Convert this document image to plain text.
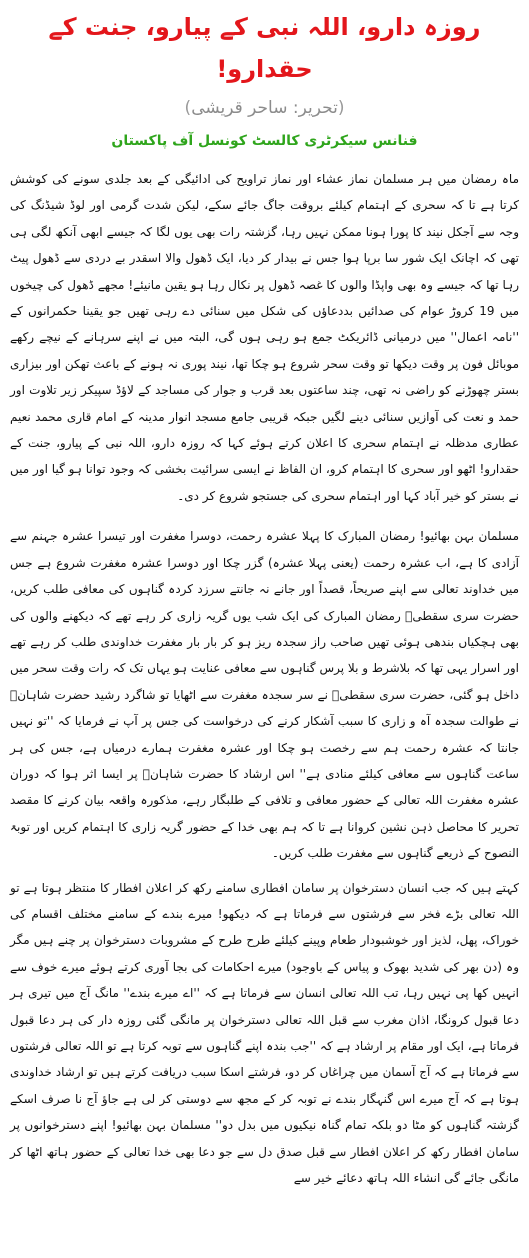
روزہ دارو، اللہ نبی کے پیارو، جنت کے حقدارو!

(تحریر: ساحر قریشی)

فنانس سیکرٹری کالسٹ کونسل آف پاکستان

ماہ رمضان میں ہر مسلمان نماز عشاء اور نماز تراویح کی ادائیگی کے بعد جلدی سونے کی کوشش کرتا ہے تا کہ سحری کے اہتمام کیلئے بروقت جاگ جائے سکے، لیکن شدت گرمی اور لوڈ شیڈنگ کی وجہ سے آجکل نیند کا پورا ہونا ممکن نہیں رہا، گزشتہ رات بھی یوں لگا کہ جیسے ابھی آنکھ لگی ہی تھی کہ اچانک ایک شور سا برپا ہوا جس نے بیدار کر دیا، ایک ڈھول والا اسقدر بے دردی سے ڈھول پیٹ رہا تھا کہ جیسے وہ بھی واپڈا والوں کا غصہ ڈھول پر نکال رہا ہو یقین مانیئے! مجھے ڈھول کی چیخوں میں 19 کروڑ عوام کی صدائیں بددعاؤں کی شکل میں سنائی دے رہی تھیں جو یقینا حکمرانوں کے ''نامہ اعمال'' میں درمیانی ڈائریکٹ جمع ہو رہی ہوں گی، البتہ میں نے اپنے سرہانے کے نیچے رکھے موبائل فون پر وقت دیکھا تو وقت سحر شروع ہو چکا تھا، نیند پوری نہ ہونے کے باعث تھکن اور بیزاری بستر چھوڑنے کو راضی نہ تھی، چند ساعتوں بعد قرب و جوار کی مساجد کے لاؤڈ سپیکر زیر تلاوت اور حمد و نعت کی آوازیں سنائی دینے لگیں جبکہ قریبی جامع مسجد انوار مدینہ کے امام قاری محمد نعیم عطاری مدظلہ نے اہتمام سحری کا اعلان کرتے ہوئے کہا کہ روزہ دارو، اللہ نبی کے پیارو، جنت کے حقدارو! اٹھو اور سحری کا اہتمام کرو، ان الفاظ نے ایسی سرائیت بخشی کہ وجود توانا ہو گیا اور میں نے بستر کو خیر آباد کہا اور اہتمام سحری کی جستجو شروع کر دی۔

مسلمان بہن بھائیو! رمضان المبارک کا پہلا عشرہ رحمت، دوسرا مغفرت اور تیسرا عشرہ جہنم سے آزادی کا ہے، اب عشرہ رحمت (یعنی پہلا عشرہ) گزر چکا اور دوسرا عشرہ مغفرت شروع ہے جس میں خداوند تعالی سے اپنے صریحاً، قصداً اور جانے نہ جانتے سرزد کردہ گناہوں کی معافی طلب کریں، حضرت سری سقطیؒ رمضان المبارک کی ایک شب یوں گریہ زاری کر رہے تھے کہ دیکھنے والوں کی بھی ہچکیاں بندھی ہوئی تھیں صاحب راز سجدہ ریز ہو کر بار بار مغفرت خداوندی طلب کر رہے تھے اور اسرار یہی تھا کہ بلاشرط و بلا پرس گناہوں سے معافی عنایت ہو یہاں تک کہ رات وقت سحر میں داخل ہو گئی، حضرت سری سقطیؒ نے سر سجدہ مغفرت سے اٹھایا تو شاگرد رشید حضرت شاہانؒ نے طوالت سجدہ آہ و زاری کا سبب آشکار کرنے کی درخواست کی جس پر آپ نے فرمایا کہ ''تو نہیں جانتا کہ عشرہ رحمت ہم سے رخصت ہو چکا اور عشرہ مغفرت ہمارے درمیاں ہے، جس کی ہر ساعت گناہوں سے معافی کیلئے منادی ہے'' اس ارشاد کا حضرت شاہانؒ پر ایسا اثر ہوا کہ دوران عشرہ مغفرت اللہ تعالی کے حضور معافی و تلافی کے طلبگار رہے، مذکورہ واقعہ بیان کرنے کا مقصد تحریر کا محاصل ذہن نشین کروانا ہے تا کہ ہم بھی خدا کے حضور گریہ زاری کا اہتمام کریں اور توبۃ النصوح کے ذریعے گناہوں سے مغفرت طلب کریں۔

کہتے ہیں کہ جب انسان دسترخوان پر سامان افطاری سامنے رکھ کر اعلان افطار کا منتظر ہوتا ہے تو اللہ تعالی بڑے فخر سے فرشتوں سے فرماتا ہے کہ دیکھو! میرے بندے کے سامنے مختلف اقسام کی خوراک، پھل، لذیز اور خوشبودار طعام وپینے کیلئے طرح طرح کے مشروبات دسترخوان پر چنے ہیں مگر وہ (دن بھر کی شدید بھوک و پیاس کے باوجود) میرے احکامات کی بجا آوری کرتے ہوئے میرے خوف سے انہیں کھا پی نہیں رہا، تب اللہ تعالی انسان سے فرماتا ہے کہ ''اے میرے بندے'' مانگ آج میں تیری ہر دعا قبول کرونگا، اذان مغرب سے قبل اللہ تعالی دسترخوان پر مانگی گئی روزہ دار کی ہر دعا قبول فرماتا ہے، ایک اور مقام پر ارشاد ہے کہ ''جب بندہ اپنے گناہوں سے توبہ کرتا ہے تو اللہ تعالی فرشتوں سے فرماتا ہے کہ آج آسمان میں چراغاں کر دو، فرشتے اسکا سبب دریافت کرتے ہیں تو ارشاد خداوندی ہوتا ہے کہ آج میرے اس گنہگار بندے نے توبہ کر کے مجھ سے دوستی کر لی ہے جاؤ آج نا صرف اسکے گزشتہ گناہوں کو مٹا دو بلکہ تمام گناہ نیکیوں میں بدل دو'' مسلمان بہن بھائیو! اپنے دسترخوانوں پر سامان افطار رکھ کر اعلان افطار سے قبل صدق دل سے جو دعا بھی خدا تعالی کے حضور ہاتھ اٹھا کر مانگی جائے گی انشاء اللہ ہاتھ دعائے خیر سے
